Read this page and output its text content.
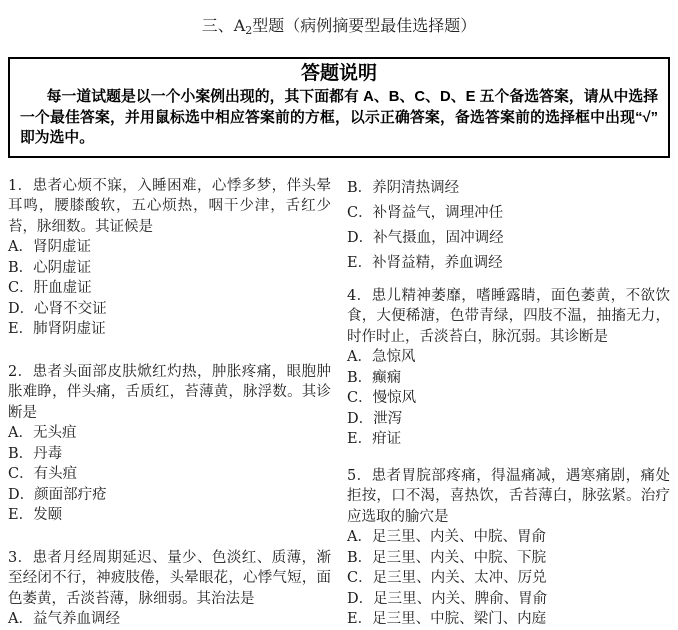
三、$A_2$型题（病例摘要型最佳选择题）
答题说明
每一道试题是以一个小案例出现的，其下面都有 A、B、C、D、E 五个备选答案，请从中选择一个最佳答案，并用鼠标选中相应答案前的方框，以示正确答案，备选答案前的选择框中出现“√”即为选中。

1．患者心烦不寐，入睡困难，心悸多梦，伴头晕耳鸣，腰膝酸软，五心烦热，咽干少津，舌红少苔，脉细数。其证候是

A． 肾阴虚证
B． 心阴虚证
C． 肝血虚证
D． 心肾不交证
E． 肺肾阴虚证

2．患者头面部皮肤焮红灼热，肿胀疼痛，眼胞肿胀难睁，伴头痛，舌质红，苔薄黄，脉浮数。其诊断是

A． 无头疽
B． 丹毒
C． 有头疽
D． 颜面部疔疮
E． 发颐

3．患者月经周期延迟、量少、色淡红、质薄，渐至经闭不行，神疲肢倦，头晕眼花，心悸气短，面色萎黄，舌淡苔薄，脉细弱。其治法是

A． 益气养血调经
B． 养阴清热调经
C． 补肾益气，调理冲任
D． 补气摄血，固冲调经
E． 补肾益精，养血调经

4．患儿精神萎靡，嗜睡露睛，面色萎黄，不欲饮食，大便稀溏，色带青绿，四肢不温，抽搐无力，时作时止，舌淡苔白，脉沉弱。其诊断是

A． 急惊风
B． 癫痫
C． 慢惊风
D． 泄泻
E． 疳证

5．患者胃脘部疼痛，得温痛减，遇寒痛剧，痛处拒按，口不渴，喜热饮，舌苔薄白，脉弦紧。治疗应选取的腧穴是

A． 足三里、内关、中脘、胃俞
B． 足三里、内关、中脘、下脘
C． 足三里、内关、太冲、厉兑
D． 足三里、内关、脾俞、胃俞
E． 足三里、中脘、梁门、内庭
